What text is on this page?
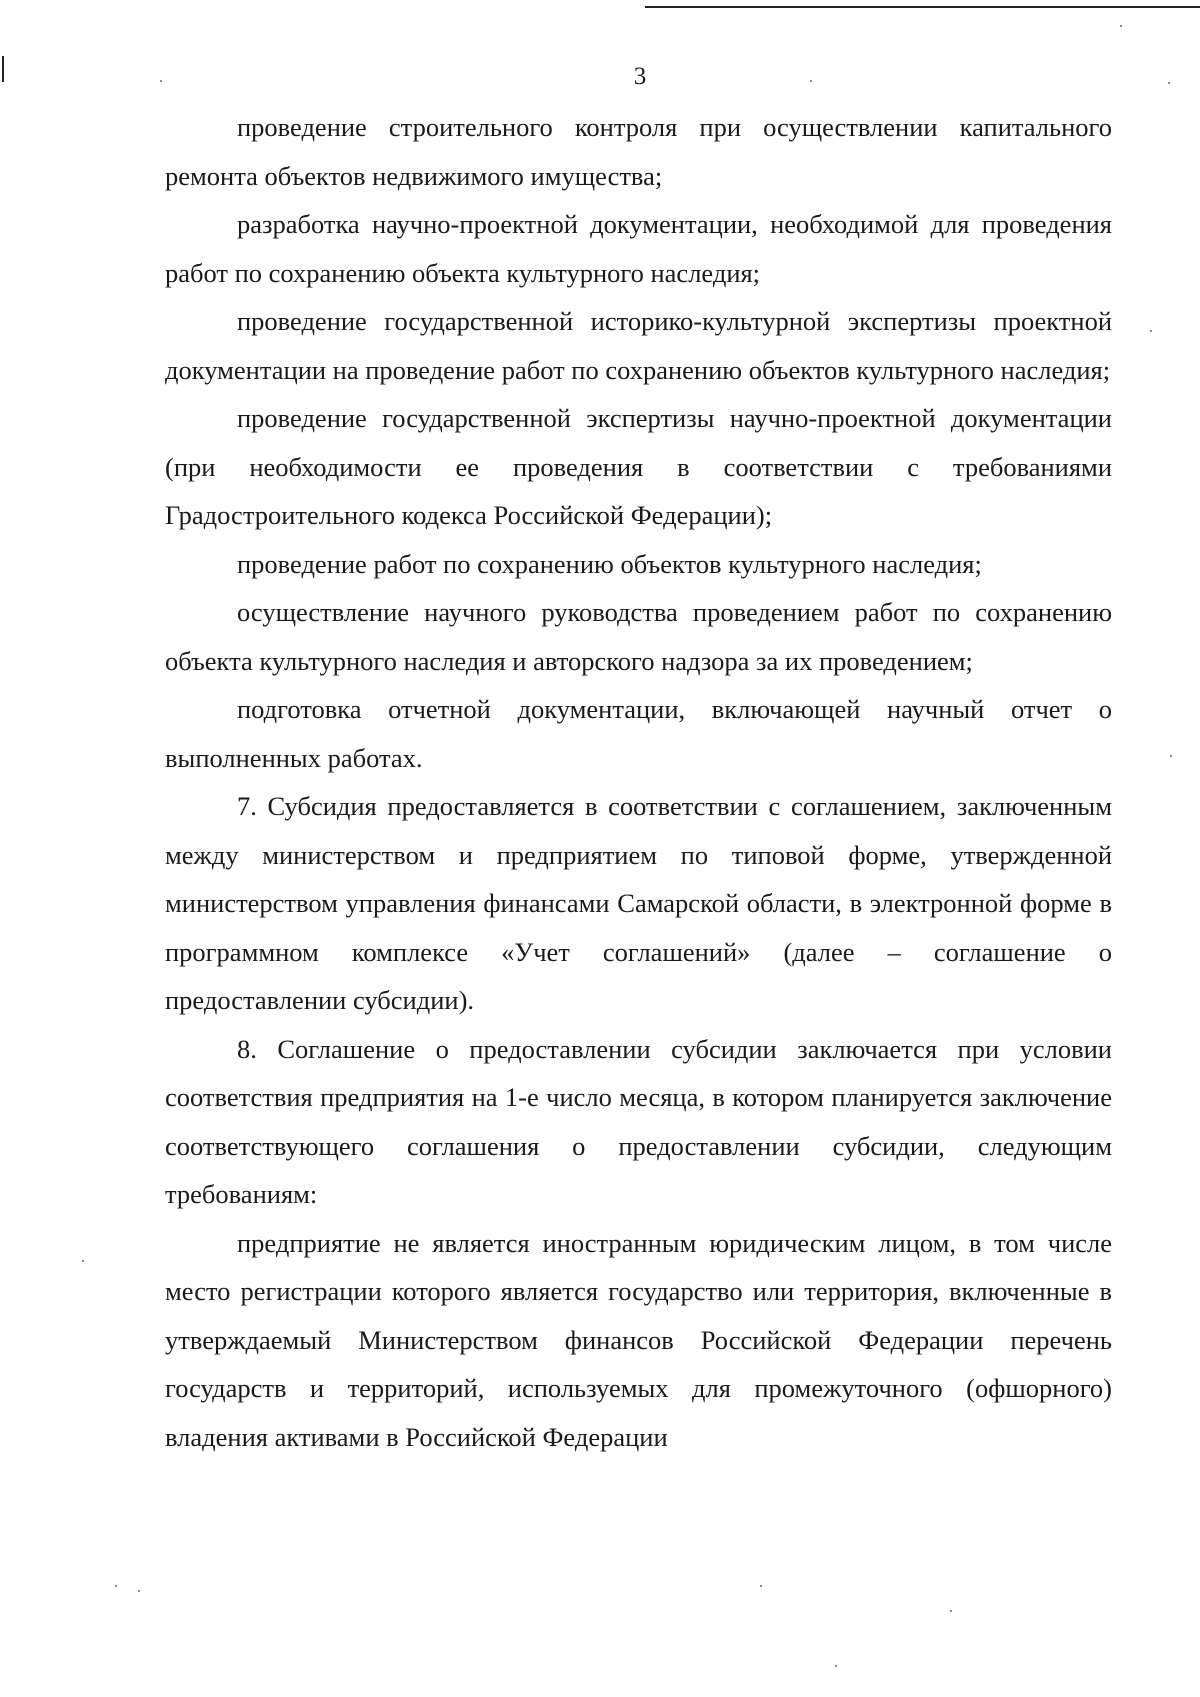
3

проведение строительного контроля при осуществлении капитального ремонта объектов недвижимого имущества;

разработка научно-проектной документации, необходимой для проведения работ по сохранению объекта культурного наследия;

проведение государственной историко-культурной экспертизы проектной документации на проведение работ по сохранению объектов культурного наследия;

проведение государственной экспертизы научно-проектной документации (при необходимости ее проведения в соответствии с требованиями Градостроительного кодекса Российской Федерации);

проведение работ по сохранению объектов культурного наследия;

осуществление научного руководства проведением работ по сохранению объекта культурного наследия и авторского надзора за их проведением;

подготовка отчетной документации, включающей научный отчет о выполненных работах.

7. Субсидия предоставляется в соответствии с соглашением, заключенным между министерством и предприятием по типовой форме, утвержденной министерством управления финансами Самарской области, в электронной форме в программном комплексе «Учет соглашений» (далее – соглашение о предоставлении субсидии).

8. Соглашение о предоставлении субсидии заключается при условии соответствия предприятия на 1-е число месяца, в котором планируется заключение соответствующего соглашения о предоставлении субсидии, следующим требованиям:

предприятие не является иностранным юридическим лицом, в том числе место регистрации которого является государство или территория, включенные в утверждаемый Министерством финансов Российской Федерации перечень государств и территорий, используемых для промежуточного (офшорного) владения активами в Российской Федерации
